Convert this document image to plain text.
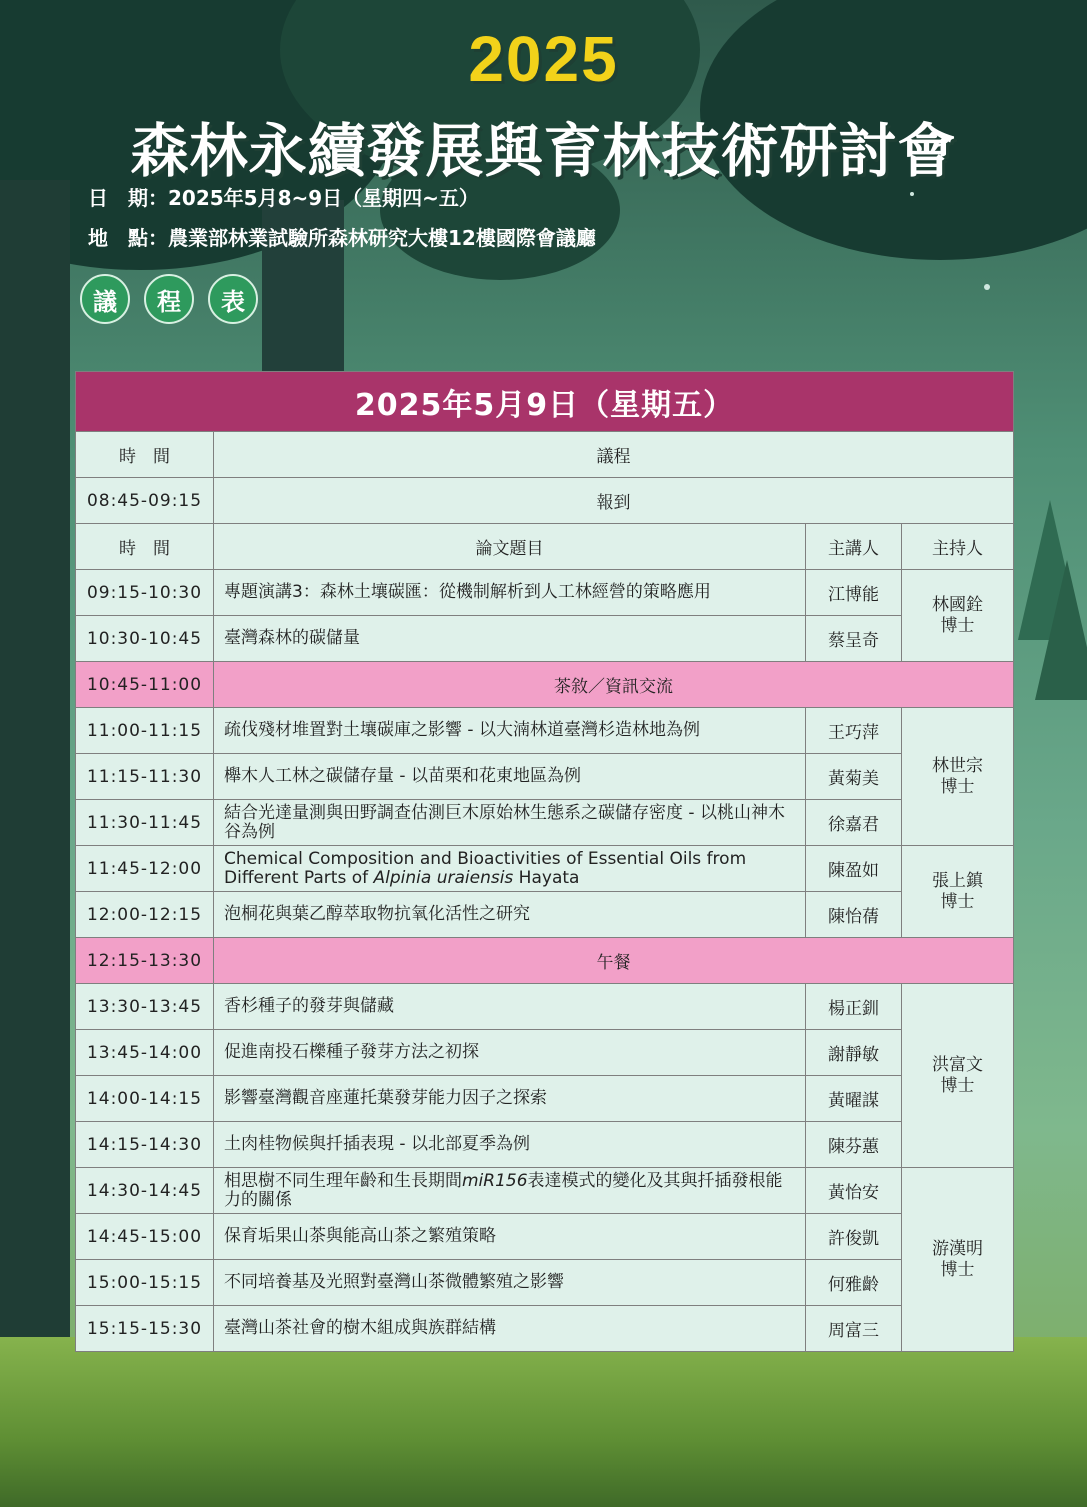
2025
森林永續發展與育林技術研討會
日　期：2025年5月8~9日（星期四~五）
地　點：農業部林業試驗所森林研究大樓12樓國際會議廳
議	程	表
2025年5月9日（星期五）			
時　間	議程		
08:45-09:15	報到		
時　間	論文題目	主講人	主持人
09:15-10:30	專題演講3：森林土壤碳匯：從機制解析到人工林經營的策略應用	江博能	林國銓
博士
10:30-10:45	臺灣森林的碳儲量	蔡呈奇	
10:45-11:00	茶敘／資訊交流		
11:00-11:15	疏伐殘材堆置對土壤碳庫之影響 - 以大湳林道臺灣杉造林地為例	王巧萍	林世宗
博士
11:15-11:30	櫸木人工林之碳儲存量 - 以苗栗和花東地區為例	黃菊美	
11:30-11:45	結合光達量測與田野調查估測巨木原始林生態系之碳儲存密度 - 以桃山神木谷為例	徐嘉君	
11:45-12:00	Chemical Composition and Bioactivities of Essential Oils from Different Parts of Alpinia uraiensis Hayata	陳盈如	張上鎮
博士
12:00-12:15	泡桐花與葉乙醇萃取物抗氧化活性之研究	陳怡蒨	
12:15-13:30	午餐		
13:30-13:45	香杉種子的發芽與儲藏	楊正釧	洪富文
博士
13:45-14:00	促進南投石櫟種子發芽方法之初探	謝靜敏	
14:00-14:15	影響臺灣觀音座蓮托葉發芽能力因子之探索	黃曜謀	
14:15-14:30	土肉桂物候與扦插表現 - 以北部夏季為例	陳芬蕙	
14:30-14:45	相思樹不同生理年齡和生長期間miR156表達模式的變化及其與扦插發根能力的關係	黃怡安	游漢明
博士
14:45-15:00	保育垢果山茶與能高山茶之繁殖策略	許俊凱	
15:00-15:15	不同培養基及光照對臺灣山茶微體繁殖之影響	何雅齡	
15:15-15:30	臺灣山茶社會的樹木組成與族群結構	周富三	
